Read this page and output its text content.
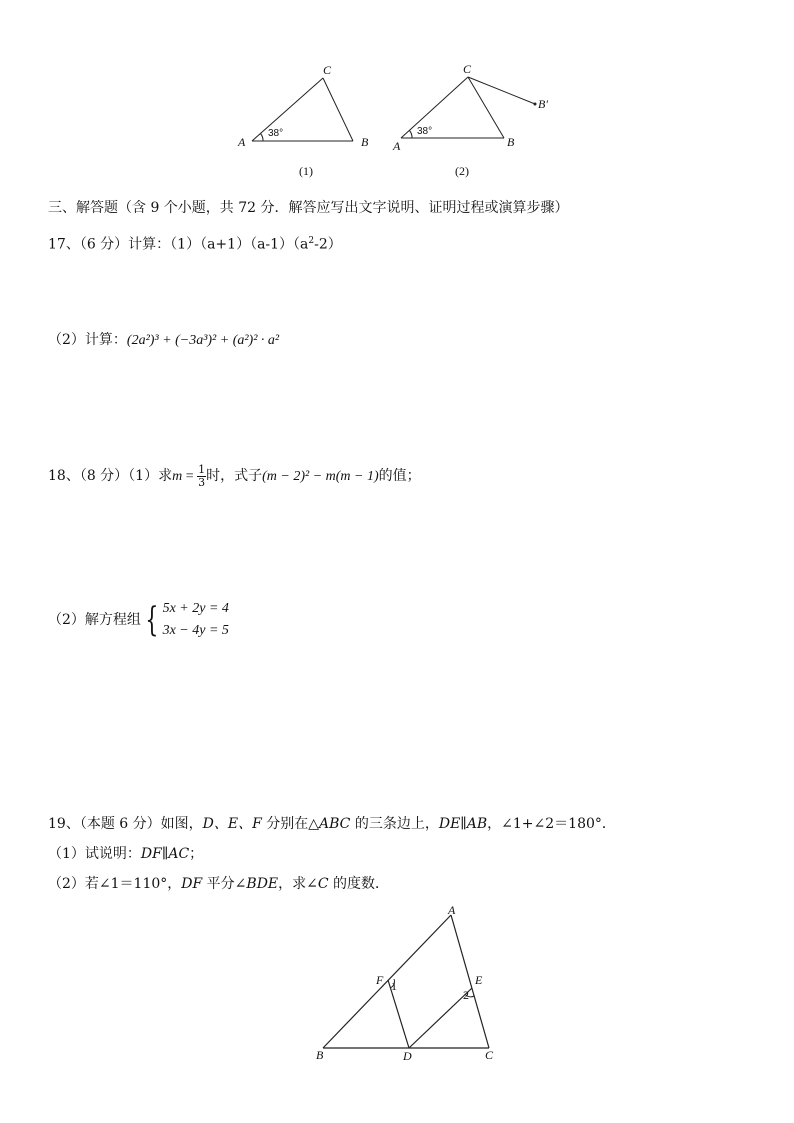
A	B
C
38°
(1)
A	B
C
B′
38°
(2)
三、解答题（含 9 个小题，共 72 分．解答应写出文字说明、证明过程或演算步骤）
17、（6 分）计算：$(1)(a+1)(a-1)(a^2-2)$
（2）计算：(2a²)³ + (−3a³)² + (a²)² · a²
18、（8 分）（1）求$m = \frac{1}{3}$ 时，式子(m − 2)² − m(m − 1)的值；
（2）解方程组 { 5x + 2y = 4
3x − 4y = 5
19、（本题 6 分）如图，D、E、F 分别在△ABC 的三条边上，DE∥AB，∠1+∠2＝180°．
（1）试说明：DF∥AC；
（2）若∠1＝110°，DF 平分∠BDE，求∠C 的度数．
A
B	C
D
E
F 1
2
